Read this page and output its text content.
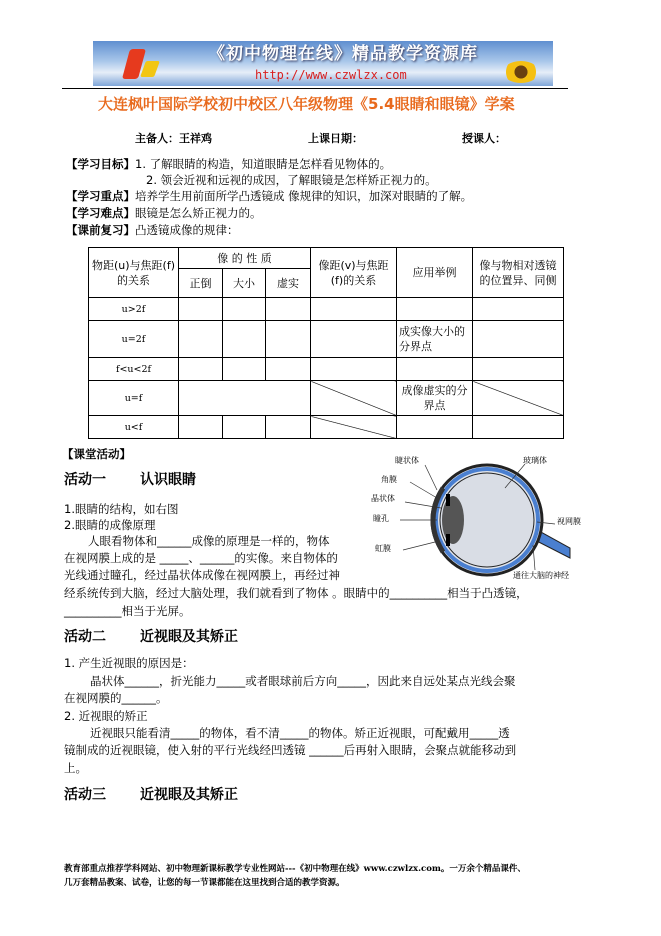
《初中物理在线》精品教学资源库
http://www.czwlzx.com
大连枫叶国际学校初中校区八年级物理《5.4眼睛和眼镜》学案
主备人：王祥鸡	上课日期：	授课人：
【学习目标】1. 了解眼睛的构造，知道眼睛是怎样看见物体的。
2. 领会近视和远视的成因，了解眼镜是怎样矫正视力的。
【学习重点】培养学生用前面所学凸透镜成 像规律的知识，加深对眼睛的了解。
【学习难点】眼镜是怎么矫正视力的。
【课前复习】凸透镜成像的规律：
物距(u)与焦距(f)的关系	像 的 性 质			像距(v)与焦距(f)的关系	应用举例	像与物相对透镜的位置异、同侧
	正倒	大小	虚实			
u>2f						
u=2f					成实像大小的分界点	
f<u<2f						
u=f					成像虚实的分界点	
u<f						
【课堂活动】
活动一 认识眼睛
1.眼睛的结构，如右图
2.眼睛的成像原理
人眼看物体和______成像的原理是一样的，物体
在视网膜上成的是 _____、______的实像。来自物体的
光线通过瞳孔，经过晶状体成像在视网膜上，再经过神
经系统传到大脑，经过大脑处理，我们就看到了物体 。眼睛中的__________相当于凸透镜，
__________相当于光屏。
睫状体
角膜
晶状体
瞳孔
虹膜
玻璃体
视网膜
通往大脑的神经
活动二 近视眼及其矫正
1. 产生近视眼的原因是：
晶状体______，折光能力_____或者眼球前后方向_____，因此来自远处某点光线会聚
在视网膜的______。
2. 近视眼的矫正
近视眼只能看清_____的物体，看不清_____的物体。矫正近视眼，可配戴用_____透
镜制成的近视眼镜，使入射的平行光线经凹透镜 ______后再射入眼睛，会聚点就能移动到
上。
活动三 近视眼及其矫正
教育部重点推荐学科网站、初中物理新课标教学专业性网站---《初中物理在线》www.czwlzx.com。一万余个精品课件、
几万套精品教案、试卷，让您的每一节课都能在这里找到合适的教学资源。
